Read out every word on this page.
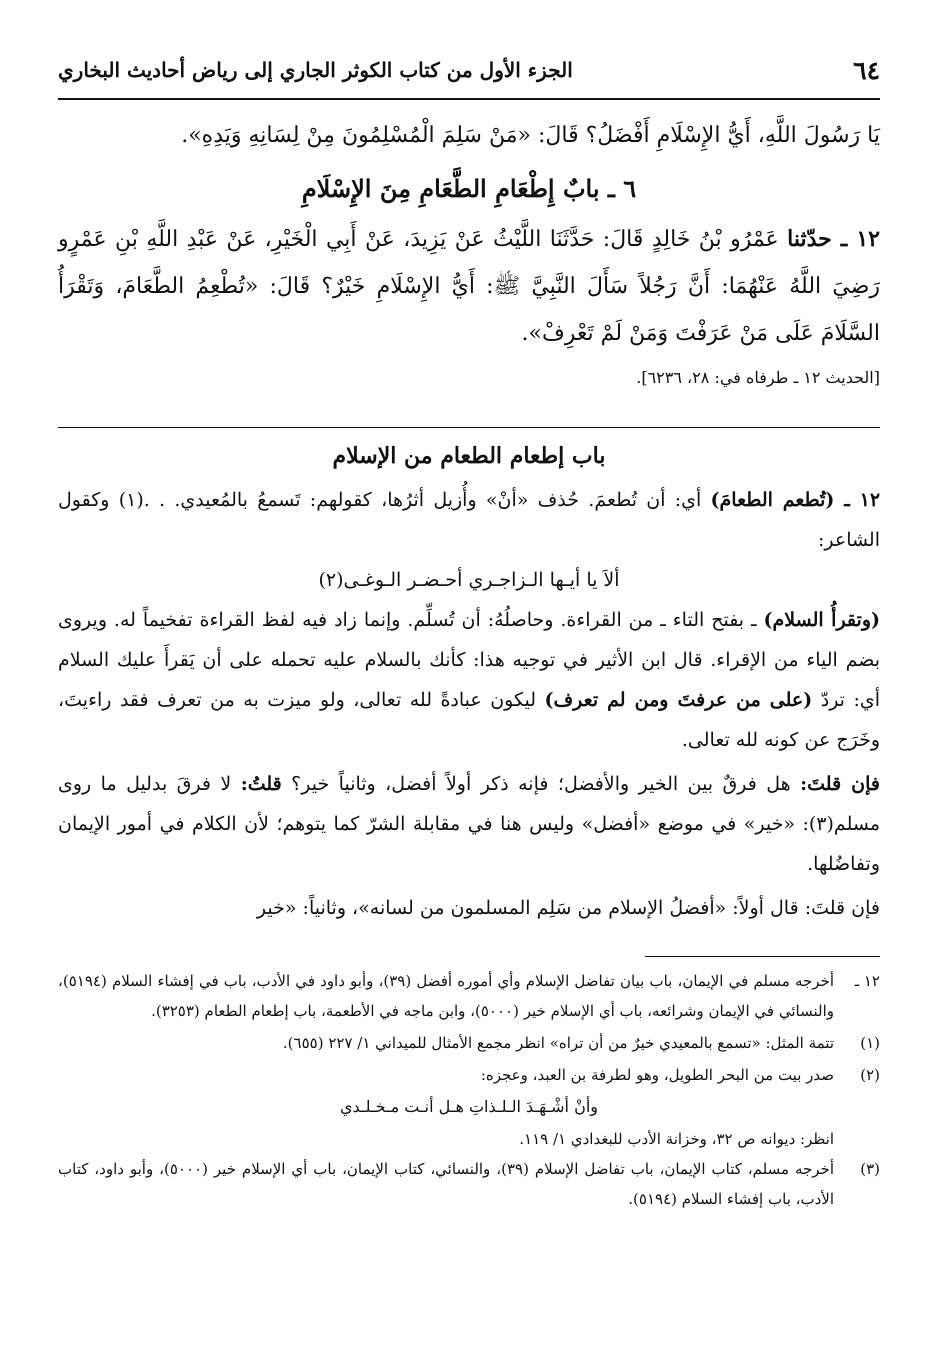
٦٤
الجزء الأول من كتاب الكوثر الجاري إلى رياض أحاديث البخاري

يَا رَسُولَ اللَّهِ، أَيُّ الإِسْلَامِ أَفْضَلُ؟ قَالَ: «مَنْ سَلِمَ الْمُسْلِمُونَ مِنْ لِسَانِهِ وَيَدِهِ».

٦ ـ بابٌ إِطْعَامِ الطَّعَامِ مِنَ الإِسْلَامِ

١٢ ـ حدّثنا عَمْرُو بْنُ خَالِدٍ قَالَ: حَدَّثَنَا اللَّيْثُ عَنْ يَزِيدَ، عَنْ أَبِي الْخَيْرِ، عَنْ عَبْدِ اللَّهِ بْنِ عَمْرٍو رَضِيَ اللَّهُ عَنْهُمَا: أَنَّ رَجُلاً سَأَلَ النَّبِيَّ ﷺ: أَيُّ الإِسْلَامِ خَيْرٌ؟ قَالَ: «تُطْعِمُ الطَّعَامَ، وَتَقْرَأُ السَّلَامَ عَلَى مَنْ عَرَفْتَ وَمَنْ لَمْ تَعْرِفْ».

[الحديث ١٢ ـ طرفاه في: ٢٨، ٦٢٣٦].

باب إطعام الطعام من الإسلام

١٢ ـ (تُطعم الطعامَ) أي: أن تُطعمَ. حُذف «أنْ» وأُزيل أثرُها، كقولهم: تَسمعُ بالمُعيدي. . .(١) وكقول الشاعر:

ألاَ يا أيـها الـزاجـري أحـضـر الـوغـى(٢)

(وتقرأُ السلام) ـ بفتح التاء ـ من القراءة. وحاصلُهُ: أن تُسلِّم. وإنما زاد فيه لفظ القراءة تفخيماً له. ويروى بضم الياء من الإقراء. قال ابن الأثير في توجيه هذا: كأنك بالسلام عليه تحمله على أن يَقرأَ عليك السلام أي: تردّ (على من عرفتَ ومن لم تعرف) ليكون عبادةً لله تعالى، ولو ميزت به من تعرف فقد راءيتَ، وخَرَج عن كونه لله تعالى.

فإن قلتَ: هل فرقٌ بين الخير والأفضل؛ فإنه ذكر أولاً أفضل، وثانياً خير؟ قلتُ: لا فرقَ بدليل ما روى مسلم(٣): «خير» في موضع «أفضل» وليس هنا في مقابلة الشرّ كما يتوهم؛ لأن الكلام في أمور الإيمان وتفاضُلها.

فإن قلتَ: قال أولاً: «أفضلُ الإسلام من سَلِم المسلمون من لسانه»، وثانياً: «خير

١٢ ـ
أخرجه مسلم في الإيمان، باب بيان تفاضل الإسلام وأي أموره أفضل (٣٩)، وأبو داود في الأدب، باب في إفشاء السلام (٥١٩٤)، والنسائي في الإيمان وشرائعه، باب أي الإسلام خير (٥٠٠٠)، وابن ماجه في الأطعمة، باب إطعام الطعام (٣٢٥٣).
(١)
تتمة المثل: «تسمع بالمعيدي خيرٌ من أن تراه» انظر مجمع الأمثال للميداني ١/ ٢٢٧ (٦٥٥).
(٢)
صدر بيت من البحر الطويل، وهو لطرفة بن العبد، وعجزه:
وأنْ أشْـهَـدَ الـلـذاتِ هـل أنـت مـخـلـدي
انظر: ديوانه ص ٣٢، وخزانة الأدب للبغدادي ١/ ١١٩.
(٣)
أخرجه مسلم، كتاب الإيمان، باب تفاضل الإسلام (٣٩)، والنسائي، كتاب الإيمان، باب أي الإسلام خير (٥٠٠٠)، وأبو داود، كتاب الأدب، باب إفشاء السلام (٥١٩٤).
